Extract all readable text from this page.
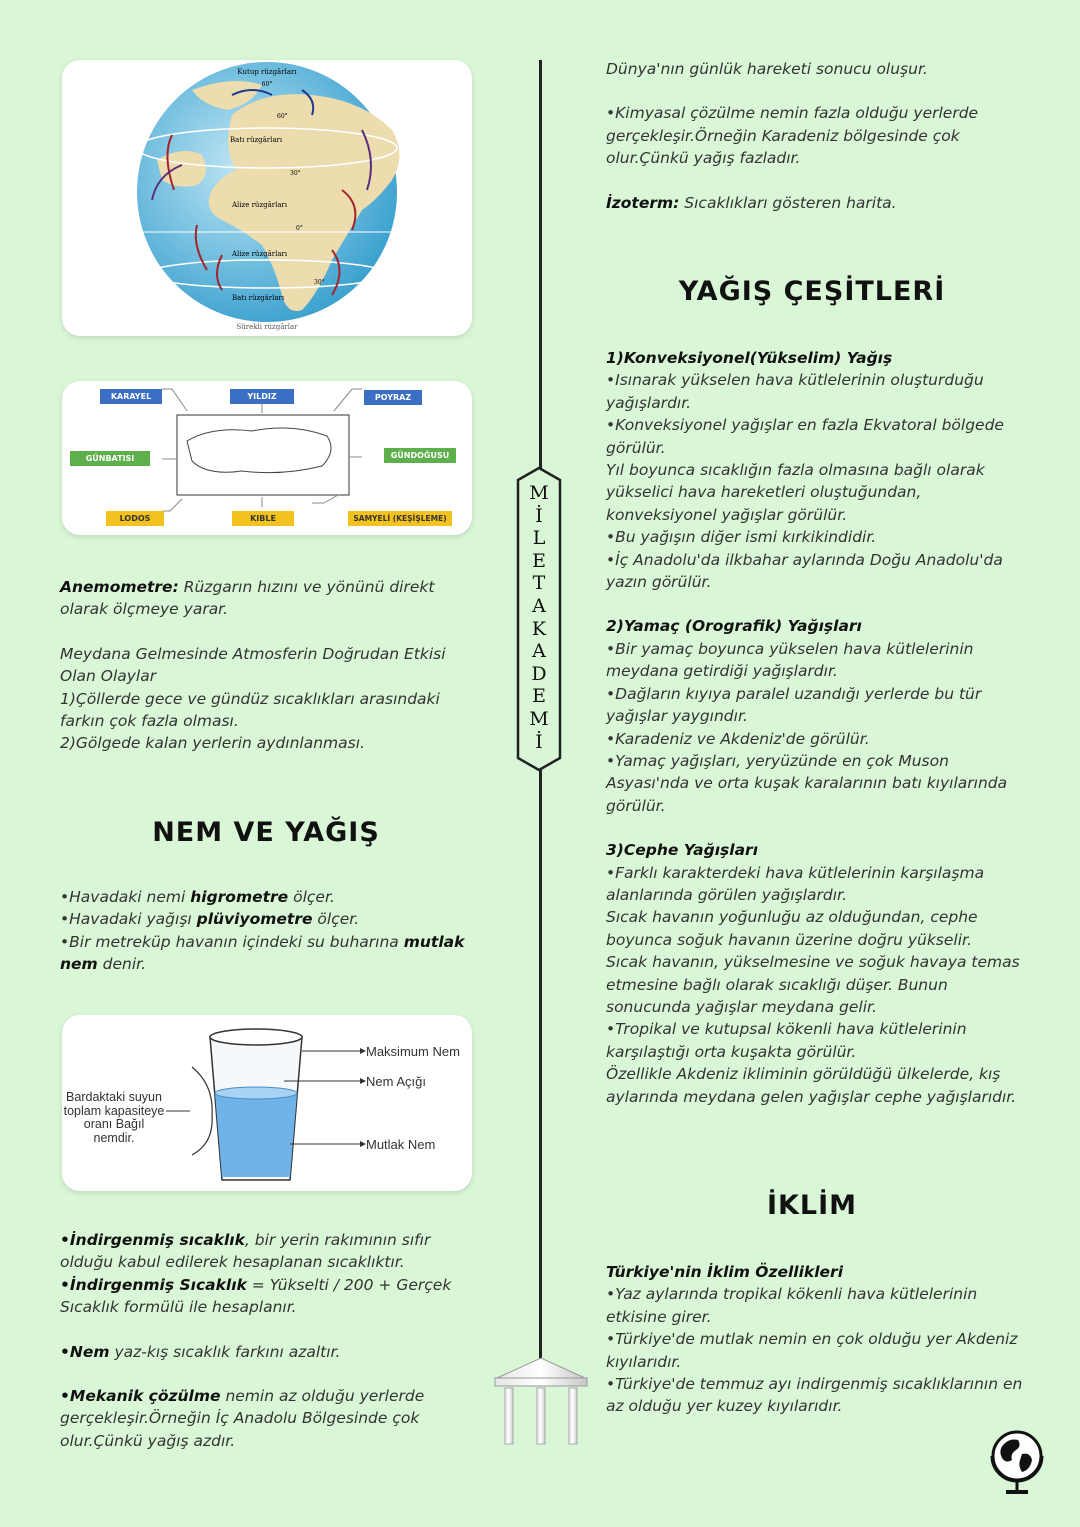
Kutup rüzgârları
60°
60°
Batı rüzgârları
30°
Alize rüzgârları
0°
Alize rüzgârları
30°
Batı rüzgârları
Sürekli rüzgârlar
KARAYEL	YILDIZ	POYRAZ
GÜNBATISI	GÜNDOĞUSU
LODOS	KIBLE	SAMYELİ (KEŞİŞLEME)

Anemometre: Rüzgarın hızını ve yönünü direkt olarak ölçmeye yarar.

Meydana Gelmesinde Atmosferin Doğrudan Etkisi Olan Olaylar

1)Çöllerde gece ve gündüz sıcaklıkları arasındaki farkın çok fazla olması.

2)Gölgede kalan yerlerin aydınlanması.

NEM VE YAĞIŞ

•Havadaki nemi higrometre ölçer.

•Havadaki yağışı plüviyometre ölçer.

•Bir metreküp havanın içindeki su buharına mutlak nem denir.

Maksimum Nem
Nem Açığı
Mutlak Nem
Bardaktaki suyun toplam kapasiteye oranı Bağıl nemdir.

•İndirgenmiş sıcaklık, bir yerin rakımının sıfır olduğu kabul edilerek hesaplanan sıcaklıktır.

•İndirgenmiş Sıcaklık = Yükselti / 200 + Gerçek Sıcaklık formülü ile hesaplanır.

•Nem yaz-kış sıcaklık farkını azaltır.

•Mekanik çözülme nemin az olduğu yerlerde gerçekleşir.Örneğin İç Anadolu Bölgesinde çok olur.Çünkü yağış azdır.

M
İ
L
E
T
A
K
A
D
E
M
İ

Dünya'nın günlük hareketi sonucu oluşur.

•Kimyasal çözülme nemin fazla olduğu yerlerde gerçekleşir.Örneğin Karadeniz bölgesinde çok olur.Çünkü yağış fazladır.

İzoterm: Sıcaklıkları gösteren harita.

YAĞIŞ ÇEŞİTLERİ

1)Konveksiyonel(Yükselim) Yağış

•Isınarak yükselen hava kütlelerinin oluşturduğu yağışlardır.

•Konveksiyonel yağışlar en fazla Ekvatoral bölgede görülür.

Yıl boyunca sıcaklığın fazla olmasına bağlı olarak yükselici hava hareketleri oluştuğundan, konveksiyonel yağışlar görülür.

•Bu yağışın diğer ismi kırkikindidir.

•İç Anadolu'da ilkbahar aylarında Doğu Anadolu'da yazın görülür.

2)Yamaç (Orografik) Yağışları

•Bir yamaç boyunca yükselen hava kütlelerinin meydana getirdiği yağışlardır.

•Dağların kıyıya paralel uzandığı yerlerde bu tür yağışlar yaygındır.

•Karadeniz ve Akdeniz'de görülür.

•Yamaç yağışları, yeryüzünde en çok Muson Asyası'nda ve orta kuşak karalarının batı kıyılarında görülür.

3)Cephe Yağışları

•Farklı karakterdeki hava kütlelerinin karşılaşma alanlarında görülen yağışlardır.

Sıcak havanın yoğunluğu az olduğundan, cephe boyunca soğuk havanın üzerine doğru yükselir.

Sıcak havanın, yükselmesine ve soğuk havaya temas etmesine bağlı olarak sıcaklığı düşer. Bunun sonucunda yağışlar meydana gelir.

•Tropikal ve kutupsal kökenli hava kütlelerinin karşılaştığı orta kuşakta görülür.

Özellikle Akdeniz ikliminin görüldüğü ülkelerde, kış aylarında meydana gelen yağışlar cephe yağışlarıdır.

İKLİM

Türkiye'nin İklim Özellikleri

•Yaz aylarında tropikal kökenli hava kütlelerinin etkisine girer.

•Türkiye'de mutlak nemin en çok olduğu yer Akdeniz kıyılarıdır.

•Türkiye'de temmuz ayı indirgenmiş sıcaklıklarının en az olduğu yer kuzey kıyılarıdır.
